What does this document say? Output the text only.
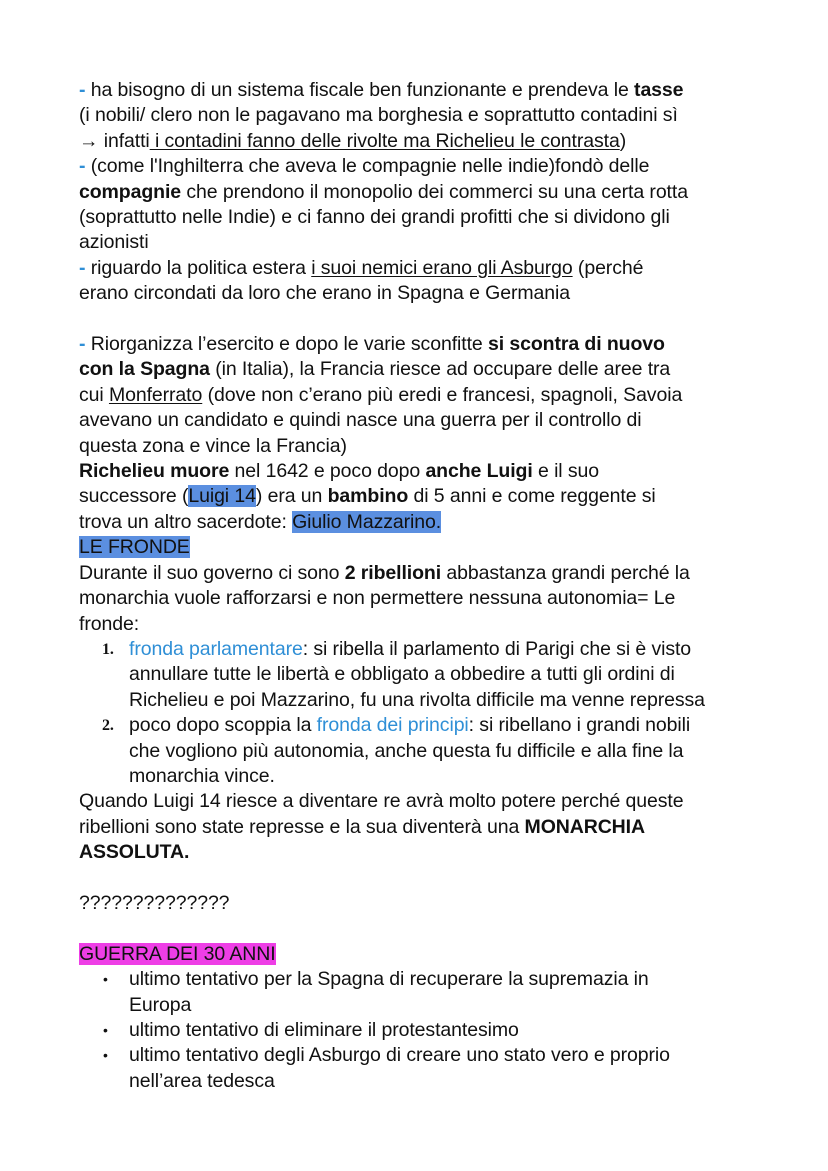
- ha bisogno di un sistema fiscale ben funzionante e prendeva le tasse
(i nobili/ clero non le pagavano ma borghesia e soprattutto contadini sì
→ infatti i contadini fanno delle rivolte ma Richelieu le contrasta)
- (come l'Inghilterra che aveva le compagnie nelle indie)fondò delle
compagnie che prendono il monopolio dei commerci su una certa rotta
(soprattutto nelle Indie) e ci fanno dei grandi profitti che si dividono gli
azionisti
- riguardo la politica estera i suoi nemici erano gli Asburgo (perché
erano circondati da loro che erano in Spagna e Germania
- Riorganizza l’esercito e dopo le varie sconfitte si scontra di nuovo
con la Spagna (in Italia), la Francia riesce ad occupare delle aree tra
cui Monferrato (dove non c’erano più eredi e francesi, spagnoli, Savoia
avevano un candidato e quindi nasce una guerra per il controllo di
questa zona e vince la Francia)
Richelieu muore nel 1642 e poco dopo anche Luigi e il suo
successore (Luigi 14) era un bambino di 5 anni e come reggente si
trova un altro sacerdote: Giulio Mazzarino.
LE FRONDE
Durante il suo governo ci sono 2 ribellioni abbastanza grandi perché la
monarchia vuole rafforzarsi e non permettere nessuna autonomia= Le
fronde:
1. fronda parlamentare: si ribella il parlamento di Parigi che si è visto
annullare tutte le libertà e obbligato a obbedire a tutti gli ordini di
Richelieu e poi Mazzarino, fu una rivolta difficile ma venne repressa
2. poco dopo scoppia la fronda dei principi: si ribellano i grandi nobili
che vogliono più autonomia, anche questa fu difficile e alla fine la
monarchia vince.
Quando Luigi 14 riesce a diventare re avrà molto potere perché queste
ribellioni sono state represse e la sua diventerà una MONARCHIA
ASSOLUTA.
??????????????
GUERRA DEI 30 ANNI
• ultimo tentativo per la Spagna di recuperare la supremazia in
Europa
• ultimo tentativo di eliminare il protestantesimo
• ultimo tentativo degli Asburgo di creare uno stato vero e proprio
nell’area tedesca
